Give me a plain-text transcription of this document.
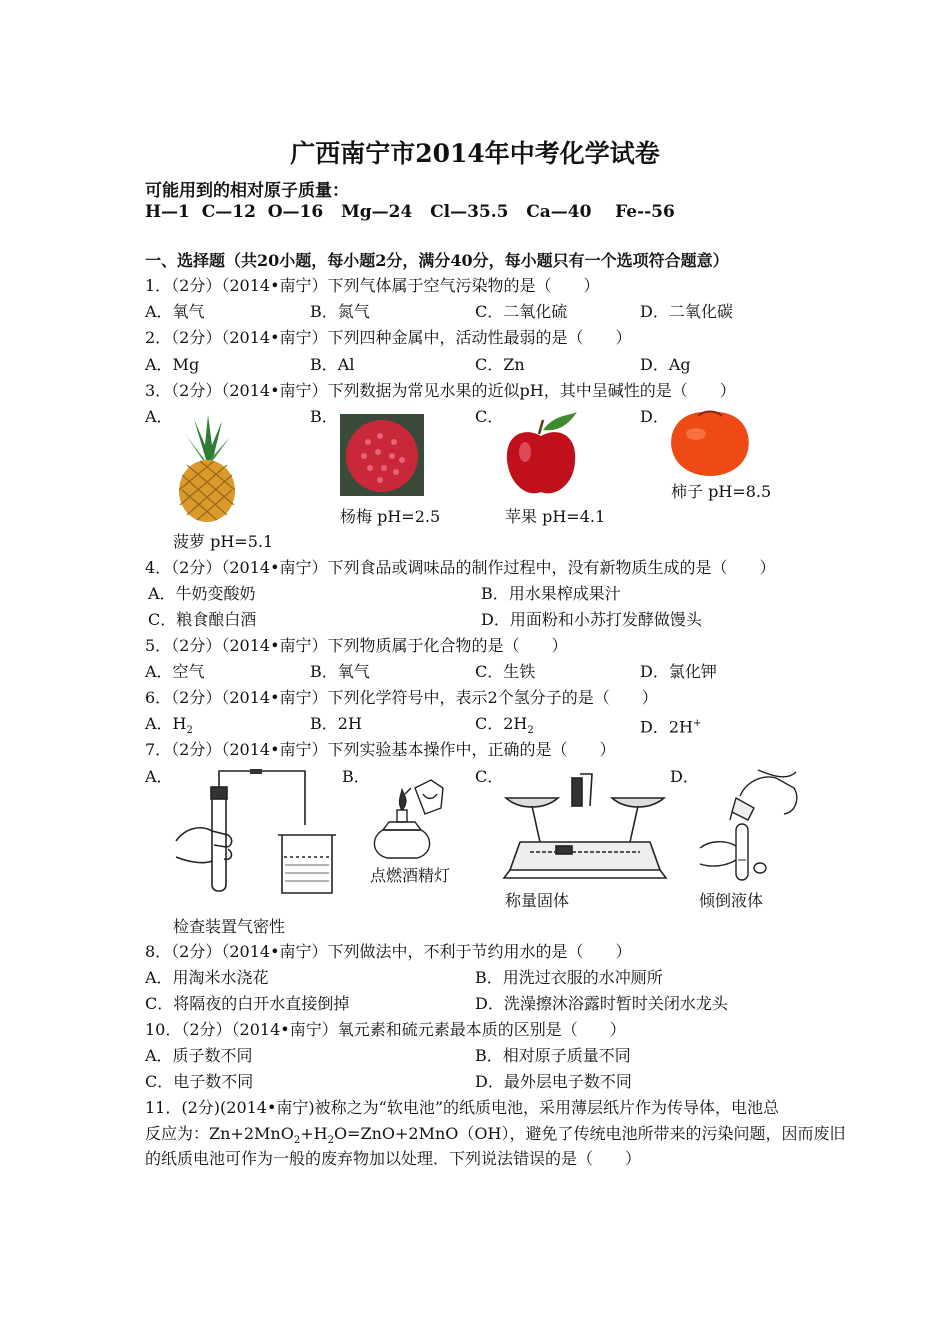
广西南宁市2014年中考化学试卷
可能用到的相对原子质量：
H—1  C—12  O—16   Mg—24   Cl—35.5   Ca—40    Fe--56
一、选择题（共20小题，每小题2分，满分40分，每小题只有一个选项符合题意）
1．（2分）（2014•南宁）下列气体属于空气污染物的是（　　）
A．氧气	B．氮气	C．二氧化硫	D．二氧化碳
2．（2分）（2014•南宁）下列四种金属中，活动性最弱的是（　　）
A．Mg	B．Al	C．Zn	D．Ag
3．（2分）（2014•南宁）下列数据为常见水果的近似pH，其中呈碱性的是（　　）
A．	B．	C．	D．
菠萝 pH=5.1
杨梅 pH=2.5	苹果 pH=4.1
柿子 pH=8.5
4．（2分）（2014•南宁）下列食品或调味品的制作过程中，没有新物质生成的是（　　）
A．牛奶变酸奶	B．用水果榨成果汁
C．粮食酿白酒	D．用面粉和小苏打发酵做馒头
5．（2分）（2014•南宁）下列物质属于化合物的是（　　）
A．空气	B．氧气	C．生铁	D．氯化钾
6．（2分）（2014•南宁）下列化学符号中，表示2个氢分子的是（　　）
A．$H_2$	B．2H	C．$2H_2$	D．2H+
7．（2分）（2014•南宁）下列实验基本操作中，正确的是（　　）
A．	B．	C．	D．
检查装置气密性
点燃酒精灯
称量固体	倾倒液体
8．（2分）（2014•南宁）下列做法中，不利于节约用水的是（　　）
A．用淘米水浇花	B．用洗过衣服的水冲厕所
C．将隔夜的白开水直接倒掉	D．洗澡擦沐浴露时暂时关闭水龙头
10．（2分）（2014•南宁）氧元素和硫元素最本质的区别是（　　）
A．质子数不同	B．相对原子质量不同
C．电子数不同	D．最外层电子数不同
11．(2分)(2014•南宁)被称之为“软电池”的纸质电池，采用薄层纸片作为传导体，电池总
反应为：$Zn+2MnO_2+H_2O=ZnO+2MnO(OH)$，避免了传统电池所带来的污染问题，因而废旧
的纸质电池可作为一般的废弃物加以处理．下列说法错误的是（　　）
